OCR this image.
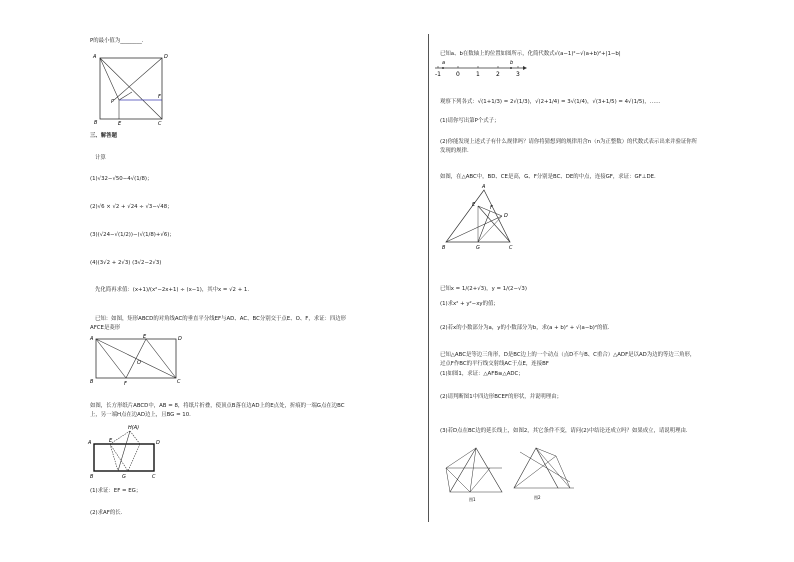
P的最小值为________.
A	D
P
F
B	E	C
三、解答题
计算
(1)√32−√50−4√(1/8)；
(2)√6 × √2 + √24 ÷ √3−√48；
(3)(√24−√(1/2))−(√(1/8)+√6)；
(4)(3√2 + 2√3) (3√2−2√3)
先化简再求值：(x+1)/(x²−2x+1) ÷ (x−1)，其中x = √2 + 1.
已知：如图，矩形ABCD的对角线AC的垂直平分线EF与AD、AC、BC分别交于点E、O、F，求证：四边形
AFCE是菱形
A	E	D
O
B	F	C
如图，长方形纸片ABCD中，AB = 8，将纸片折叠，使顶点B落在边AD上的E点处，折痕的一端G点在边BC
上，另一端H点在边AD边上，且BG = 10.
H(A)
E	D
A
B	G	C
(1)求证：EF = EG；
(2)求AF的长.
已知a、b在数轴上的位置如图所示，化简代数式√(a−1)²−√(a+b)²+|1−b|
a	b
-1	0	1	2	3
观察下列各式：√(1+1/3) = 2√(1/3)，√(2+1/4) = 3√(1/4)，√(3+1/5) = 4√(1/5)，……
(1)请你写出第P个式子；
(2)你能发现上述式子有什么规律吗？请你将猜想到的规律用含n（n为正整数）的代数式表示出来并验证你所
发现的规律.
如图，在△ABC中，BD、CE是高，G、F分别是BC、DE的中点，连接GF，求证：GF⊥DE.
A
E
D
F
B	G	C
已知x = 1/(2+√3)，y = 1/(2−√3)
(1)求x² + y²−xy的值；
(2)若x的小数部分为a，y的小数部分为b，求(a + b)² + √(a−b)²的值.
已知△ABC是等边三角形，D是BC边上的一个动点（点D不与B、C重合）△ADF是以AD为边的等边三角形，
过点F作BC的平行线交射线AC于点E，连接BF
(1)如图1，求证：△AFB≅△ADC；
(2)请判断图1中四边形BCEF的形状，并说明理由；
(3)若D点在BC边的延长线上，如图2，其它条件不变，请问(2)中结论还成立吗？如果成立，请说明理由.
图1	图2
